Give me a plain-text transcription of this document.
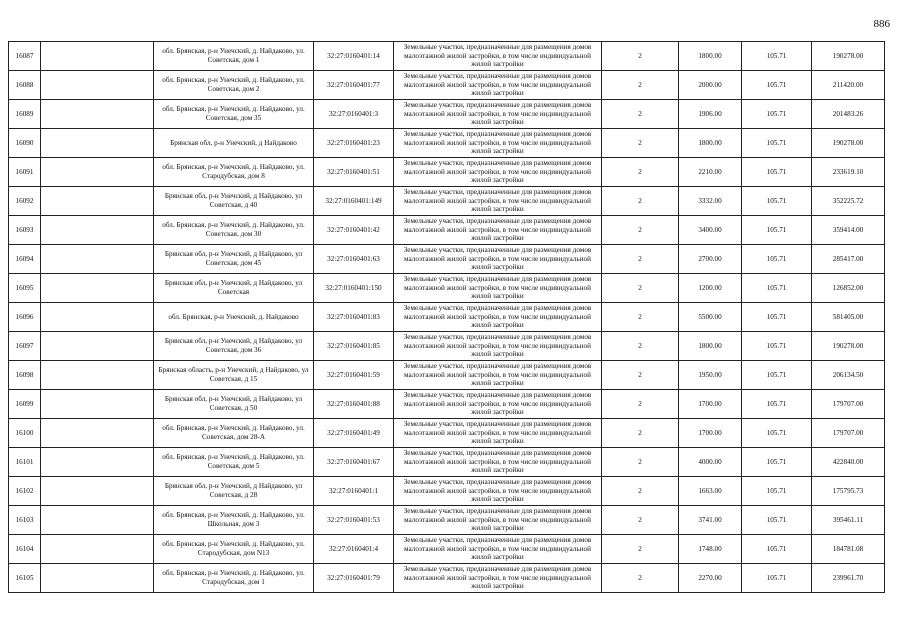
886
16087		обл. Брянская, р-н Унечский, д. Найдаково, ул. Советская, дом 1	32:27:0160401:14	Земельные участки, предназначенные для размещения домов малоэтажной жилой застройки, в том числе индивидуальной жилой застройки	2	1800.00	105.71	190278.00
16088		обл. Брянская, р-н Унечский, д. Найдаково, ул. Советская, дом 2	32:27:0160401:77	Земельные участки, предназначенные для размещения домов малоэтажной жилой застройки, в том числе индивидуальной жилой застройки	2	2000.00	105.71	211420.00
16089		обл. Брянская, р-н Унечский, д. Найдаково, ул. Советская, дом 35	32:27:0160401:3	Земельные участки, предназначенные для размещения домов малоэтажной жилой застройки, в том числе индивидуальной жилой застройки	2	1906.00	105.71	201483.26
16090		Брянская обл, р-н Унечский, д Найдаково	32:27:0160401:23	Земельные участки, предназначенные для размещения домов малоэтажной жилой застройки, в том числе индивидуальной жилой застройки	2	1800.00	105.71	190278.00
16091		обл. Брянская, р-н Унечский, д. Найдаково, ул. Стародубская, дом 8	32:27:0160401:51	Земельные участки, предназначенные для размещения домов малоэтажной жилой застройки, в том числе индивидуальной жилой застройки	2	2210.00	105.71	233619.10
16092		Брянская обл, р-н Унечский, д Найдаково, ул Советская, д 40	32:27:0160401:149	Земельные участки, предназначенные для размещения домов малоэтажной жилой застройки, в том числе индивидуальной жилой застройки	2	3332.00	105.71	352225.72
16093		обл. Брянская, р-н Унечский, д. Найдаково, ул. Советская, дом 30	32:27:0160401:42	Земельные участки, предназначенные для размещения домов малоэтажной жилой застройки, в том числе индивидуальной жилой застройки	2	3400.00	105.71	359414.00
16094		Брянская обл, р-н Унечский, д Найдаково, ул Советская, дом 45	32:27:0160401:63	Земельные участки, предназначенные для размещения домов малоэтажной жилой застройки, в том числе индивидуальной жилой застройки	2	2700.00	105.71	285417.00
16095		Брянская обл, р-н Унечский, д Найдаково, ул Советская	32:27:0160401:150	Земельные участки, предназначенные для размещения домов малоэтажной жилой застройки, в том числе индивидуальной жилой застройки	2	1200.00	105.71	126852.00
16096		обл. Брянская, р-н Унечский, д. Найдаково	32:27:0160401:83	Земельные участки, предназначенные для размещения домов малоэтажной жилой застройки, в том числе индивидуальной жилой застройки	2	5500.00	105.71	581405.00
16097		Брянская обл, р-н Унечский, д Найдаково, ул Советская, дом 36	32:27:0160401:85	Земельные участки, предназначенные для размещения домов малоэтажной жилой застройки, в том числе индивидуальной жилой застройки	2	1800.00	105.71	190278.00
16098		Брянская область, р-н Унечский, д Найдаково, ул Советская, д 15	32:27:0160401:59	Земельные участки, предназначенные для размещения домов малоэтажной жилой застройки, в том числе индивидуальной жилой застройки	2	1950.00	105.71	206134.50
16099		Брянская обл, р-н Унечский, д Найдаково, ул Советская, д 50	32:27:0160401:88	Земельные участки, предназначенные для размещения домов малоэтажной жилой застройки, в том числе индивидуальной жилой застройки	2	1700.00	105.71	179707.00
16100		обл. Брянская, р-н Унечский, д. Найдаково, ул. Советская, дом 28-А	32:27:0160401:49	Земельные участки, предназначенные для размещения домов малоэтажной жилой застройки, в том числе индивидуальной жилой застройки	2	1700.00	105.71	179707.00
16101		обл. Брянская, р-н Унечский, д. Найдаково, ул. Советская, дом 5	32:27:0160401:67	Земельные участки, предназначенные для размещения домов малоэтажной жилой застройки, в том числе индивидуальной жилой застройки	2	4000.00	105.71	422840.00
16102		Брянская обл, р-н Унечский, д Найдаково, ул Советская, д 28	32:27:0160401:1	Земельные участки, предназначенные для размещения домов малоэтажной жилой застройки, в том числе индивидуальной жилой застройки	2	1663.00	105.71	175795.73
16103		обл. Брянская, р-н Унечский, д. Найдаково, ул. Школьная, дом 3	32:27:0160401:53	Земельные участки, предназначенные для размещения домов малоэтажной жилой застройки, в том числе индивидуальной жилой застройки	2	3741.00	105.71	395461.11
16104		обл. Брянская, р-н Унечский, д. Найдаково, ул. Стародубская, дом N13	32:27:0160401:4	Земельные участки, предназначенные для размещения домов малоэтажной жилой застройки, в том числе индивидуальной жилой застройки	2	1748.00	105.71	184781.08
16105		обл. Брянская, р-н Унечский, д. Найдаково, ул. Стародубская, дом 1	32:27:0160401:79	Земельные участки, предназначенные для размещения домов малоэтажной жилой застройки, в том числе индивидуальной жилой застройки	2	2270.00	105.71	239961.70
